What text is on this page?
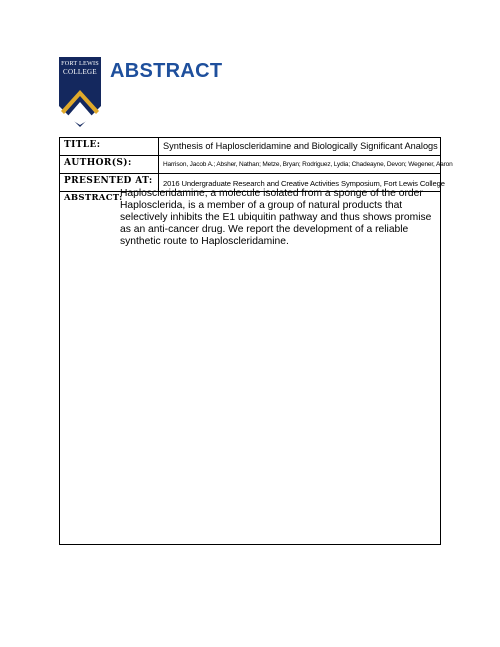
FORT LEWIS
COLLEGE ABSTRACT
TITLE:	Synthesis of Haploscleridamine and Biologically Significant Analogs
AUTHOR(S):	Harrison, Jacob A.; Absher, Nathan; Metze, Bryan; Rodriguez, Lydia; Chadeayne, Devon; Wegener, Aaron
PRESENTED AT: 2016 Undergraduate Research and Creative Activities Symposium, Fort Lewis College
ABSTRACT:
Haploscleridamine, a molecule isolated from a sponge of the order Haplosclerida, is a member of a group of natural products that selectively inhibits the E1 ubiquitin pathway and thus shows promise as an anti-cancer drug. We report the development of a reliable synthetic route to Haploscleridamine.
